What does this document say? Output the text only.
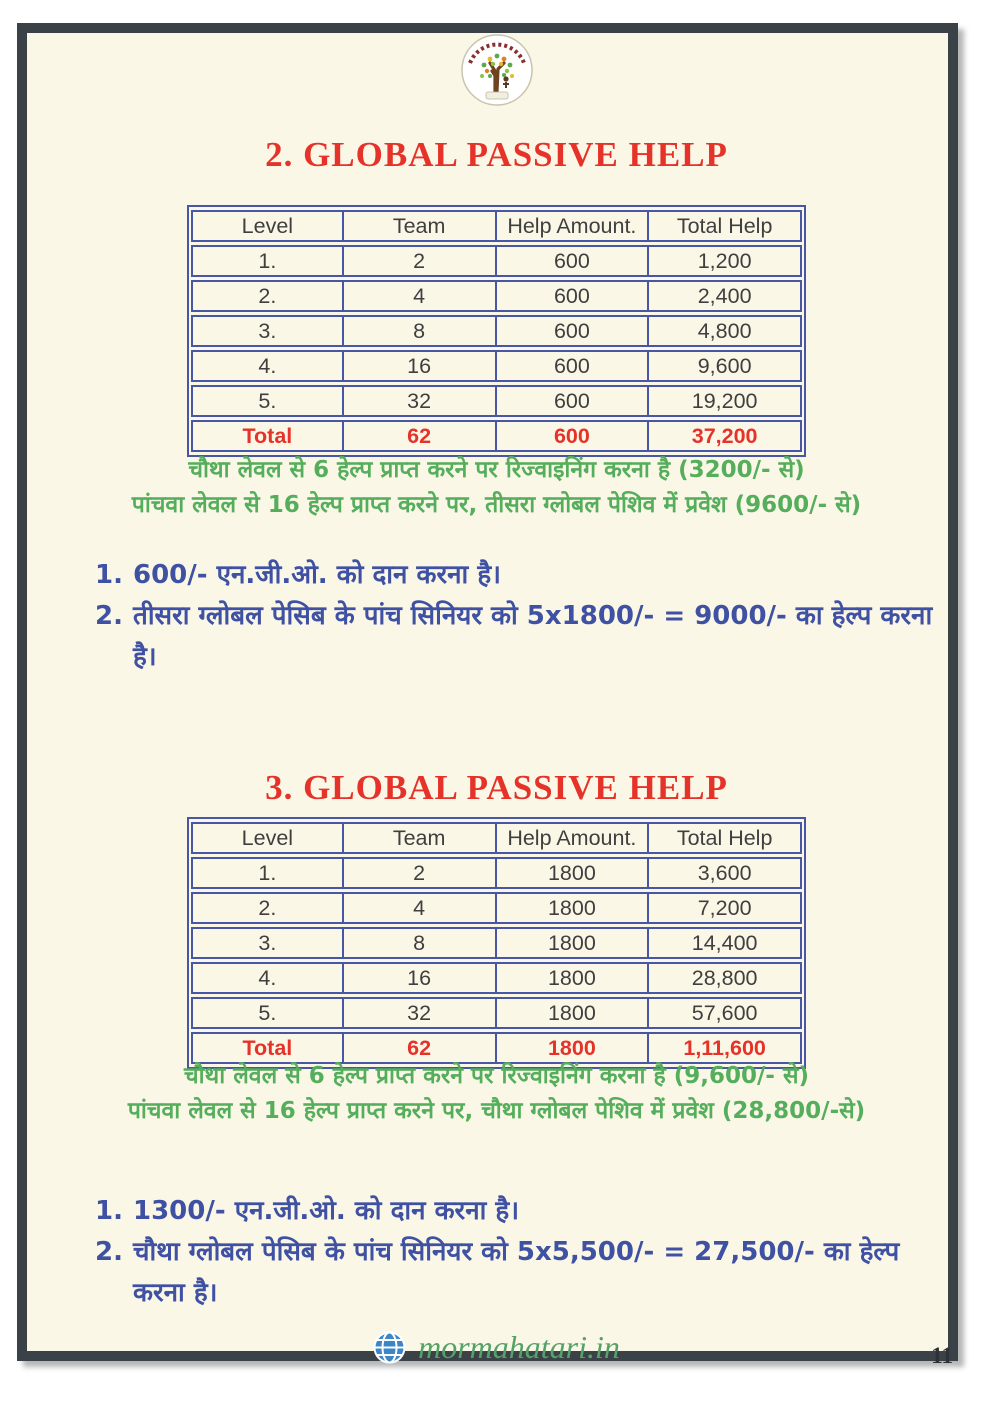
2. GLOBAL PASSIVE HELP
Level	Team	Help Amount.	Total Help
1.	2	600	1,200
2.	4	600	2,400
3.	8	600	4,800
4.	16	600	9,600
5.	32	600	19,200
Total	62	600	37,200
चौथा लेवल से 6 हेल्प प्राप्त करने पर रिज्वाइनिंग करना है (3200/- से)
पांचवा लेवल से 16 हेल्प प्राप्त करने पर, तीसरा ग्लोबल पेशिव में प्रवेश (9600/- से)
1. 600/- एन.जी.ओ. को दान करना है।
2. तीसरा ग्लोबल पेसिब के पांच सिनियर को 5x1800/- = 9000/- का हेल्प करना है।
3. GLOBAL PASSIVE HELP
Level	Team	Help Amount.	Total Help
1.	2	1800	3,600
2.	4	1800	7,200
3.	8	1800	14,400
4.	16	1800	28,800
5.	32	1800	57,600
Total	62	1800	1,11,600
चौथा लेवल से 6 हेल्प प्राप्त करने पर रिज्वाइनिंग करना है (9,600/- से)
पांचवा लेवल से 16 हेल्प प्राप्त करने पर, चौथा ग्लोबल पेशिव में प्रवेश (28,800/-से)
1. 1300/- एन.जी.ओ. को दान करना है।
2. चौथा ग्लोबल पेसिब के पांच सिनियर को 5x5,500/- = 27,500/- का हेल्प करना है।
mormahatari.in	11
